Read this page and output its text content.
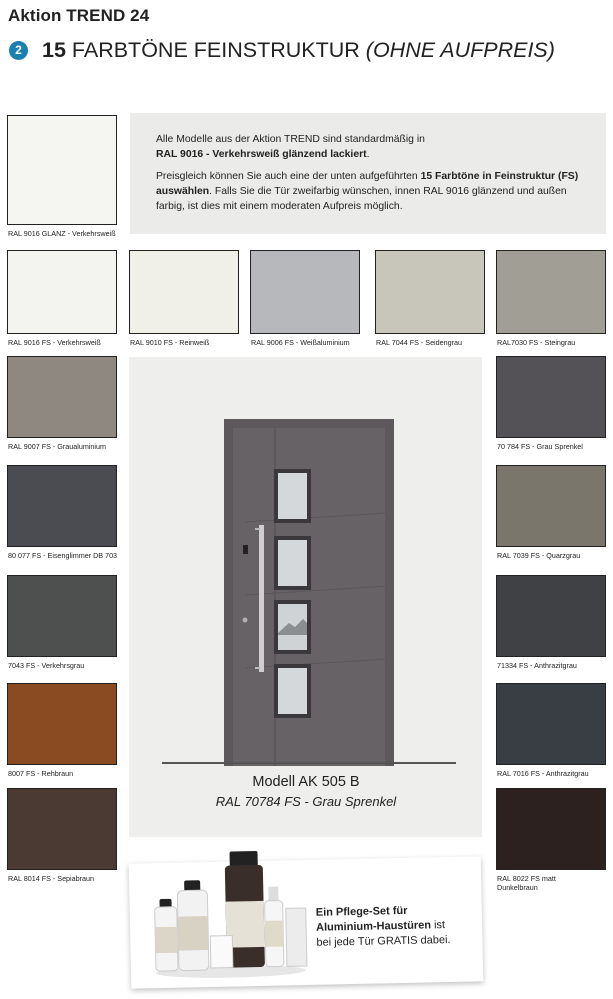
Aktion TREND 24
2 15 FARBTÖNE FEINSTRUKTUR (OHNE AUFPREIS)

Alle Modelle aus der Aktion TREND sind standardmäßig in
RAL 9016 - Verkehrsweiß glänzend lackiert.

Preisgleich können Sie auch eine der unten aufgeführten 15 Farbtöne in Feinstruktur (FS) auswählen. Falls Sie die Tür zweifarbig wünschen, innen RAL 9016 glänzend und außen farbig, ist dies mit einem moderaten Aufpreis möglich.

RAL 9016 GLANZ - Verkehrsweiß
RAL 9016 FS - Verkehrsweiß	RAL 9010 FS - Reinweiß	RAL 9006 FS - Weißaluminium	RAL 7044 FS - Seidengrau	RAL7030 FS - Steingrau
RAL 9007 FS - Graualuminium	70 784 FS - Grau Sprenkel
80 077 FS - Eisenglimmer DB 703	RAL 7039 FS - Quarzgrau
7043 FS - Verkehrsgrau	71334 FS - Anthrazitgrau
8007 FS - Rehbraun	RAL 7016 FS - Anthrazitgrau
RAL 8014 FS - Sepiabraun	RAL 8022 FS matt Dunkelbraun
Modell AK 505 B
RAL 70784 FS - Grau Sprenkel
Ein Pflege-Set für
Aluminium-Haustüren ist
bei jede Tür GRATIS dabei.
